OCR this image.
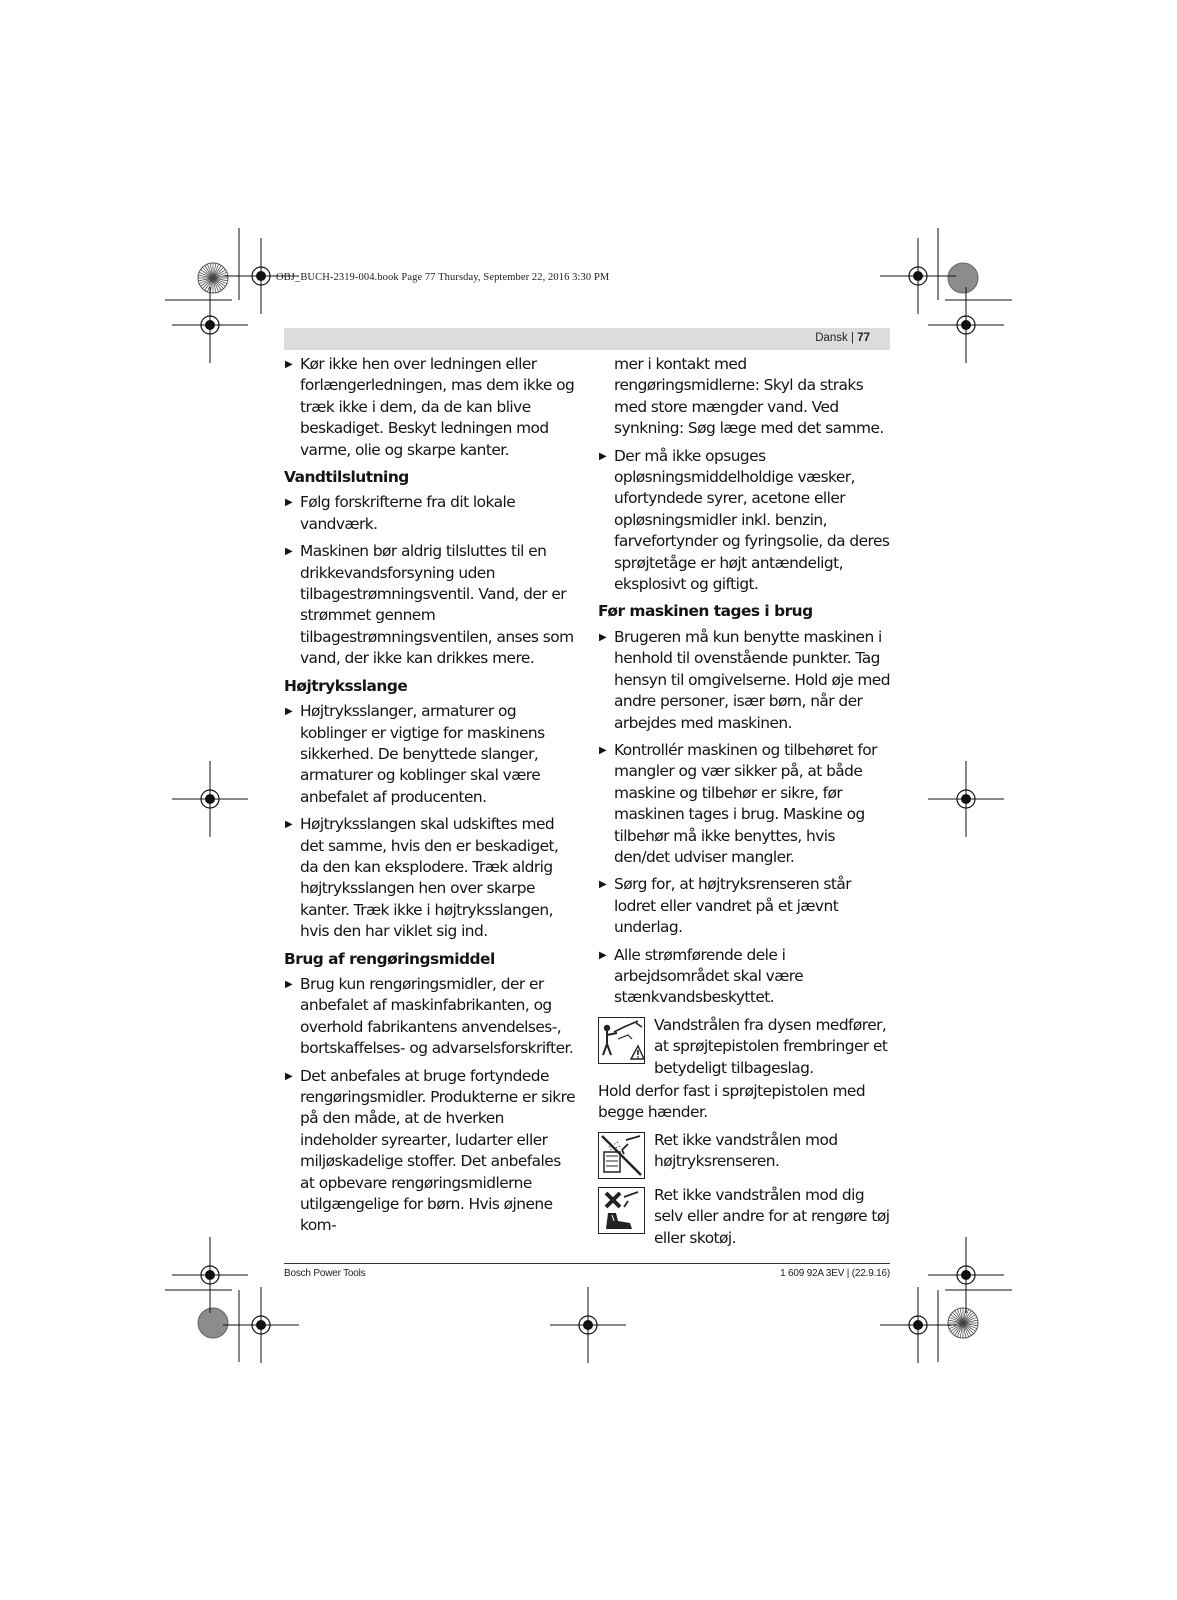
OBJ_BUCH-2319-004.book Page 77 Thursday, September 22, 2016 3:30 PM
Dansk | 77
▶ Kør ikke hen over ledningen eller forlængerledningen, mas dem ikke og træk ikke i dem, da de kan blive beskadiget. Beskyt ledningen mod varme, olie og skarpe kanter.
Vandtilslutning
▶ Følg forskrifterne fra dit lokale vandværk.
▶ Maskinen bør aldrig tilsluttes til en drikkevandsforsyning uden tilbagestrømningsventil. Vand, der er strømmet gennem tilbagestrømningsventilen, anses som vand, der ikke kan drikkes mere.
Højtryksslange
▶ Højtryksslanger, armaturer og koblinger er vigtige for maskinens sikkerhed. De benyttede slanger, armaturer og koblinger skal være anbefalet af producenten.
▶ Højtryksslangen skal udskiftes med det samme, hvis den er beskadiget, da den kan eksplodere. Træk aldrig højtryksslangen hen over skarpe kanter. Træk ikke i højtryksslangen, hvis den har viklet sig ind.
Brug af rengøringsmiddel
▶ Brug kun rengøringsmidler, der er anbefalet af maskinfabrikanten, og overhold fabrikantens anvendelses-, bortskaffelses- og advarselsforskrifter.
▶ Det anbefales at bruge fortyndede rengøringsmidler. Produkterne er sikre på den måde, at de hverken indeholder syrearter, ludarter eller miljøskadelige stoffer. Det anbefales at opbevare rengøringsmidlerne utilgængelige for børn. Hvis øjnene kom-
mer i kontakt med rengøringsmidlerne: Skyl da straks med store mængder vand. Ved synkning: Søg læge med det samme.
▶ Der må ikke opsuges opløsningsmiddelholdige væsker, ufortyndede syrer, acetone eller opløsningsmidler inkl. benzin, farvefortynder og fyringsolie, da deres sprøjtetåge er højt antændeligt, eksplosivt og giftigt.
Før maskinen tages i brug
▶ Brugeren må kun benytte maskinen i henhold til ovenstående punkter. Tag hensyn til omgivelserne. Hold øje med andre personer, især børn, når der arbejdes med maskinen.
▶ Kontrollér maskinen og tilbehøret for mangler og vær sikker på, at både maskine og tilbehør er sikre, før maskinen tages i brug. Maskine og tilbehør må ikke benyttes, hvis den/det udviser mangler.
▶ Sørg for, at højtryksrenseren står lodret eller vandret på et jævnt underlag.
▶ Alle strømførende dele i arbejdsområdet skal være stænkvandsbeskyttet.
Vandstrålen fra dysen medfører, at sprøjtepistolen frembringer et betydeligt tilbageslag.
Hold derfor fast i sprøjtepistolen med begge hænder.
Ret ikke vandstrålen mod højtryksrenseren.
Ret ikke vandstrålen mod dig selv eller andre for at rengøre tøj eller skotøj.
Bosch Power Tools	1 609 92A 3EV | (22.9.16)
